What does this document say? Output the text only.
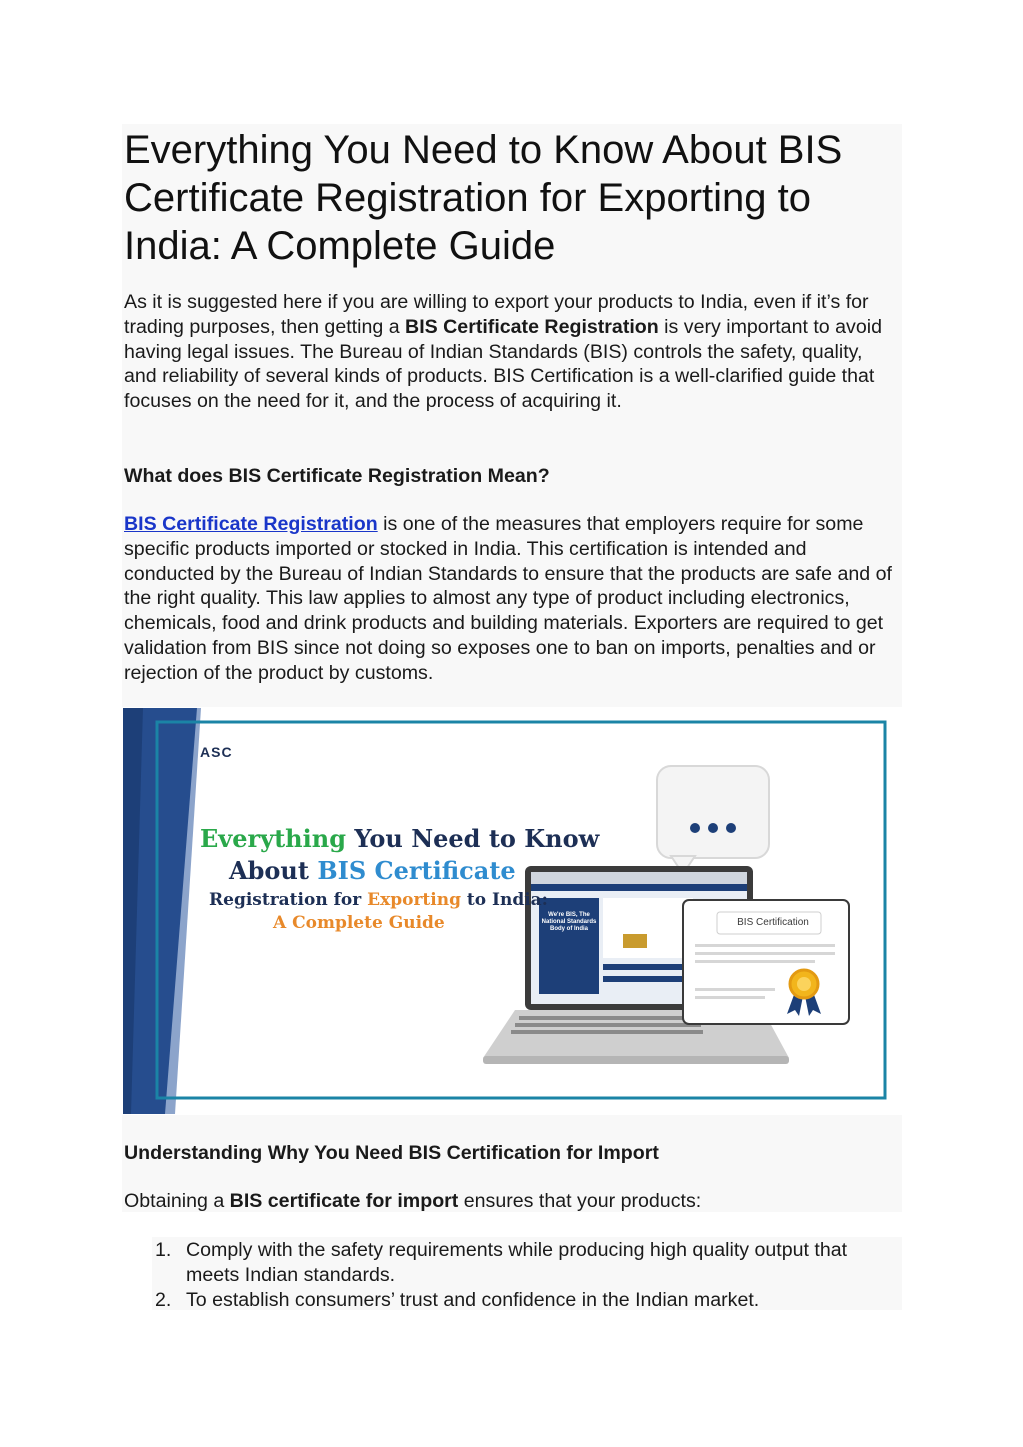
Everything You Need to Know About BIS Certificate Registration for Exporting to India: A Complete Guide

As it is suggested here if you are willing to export your products to India, even if it’s for trading purposes, then getting a BIS Certificate Registration is very important to avoid having legal issues. The Bureau of Indian Standards (BIS) controls the safety, quality, and reliability of several kinds of products. BIS Certification is a well-clarified guide that focuses on the need for it, and the process of acquiring it.

What does BIS Certificate Registration Mean?

BIS Certificate Registration is one of the measures that employers require for some specific products imported or stocked in India. This certification is intended and conducted by the Bureau of Indian Standards to ensure that the products are safe and of the right quality. This law applies to almost any type of product including electronics, chemicals, food and drink products and building materials. Exporters are required to get validation from BIS since not doing so exposes one to ban on imports, penalties and or rejection of the product by customs.

ASC
Everything You Need to Know
About BIS Certificate
Registration for Exporting to India:
A Complete Guide	BIS Certification
We're BIS, The National Standards Body of India
Understanding Why You Need BIS Certification for Import

Obtaining a BIS certificate for import ensures that your products:

1. Comply with the safety requirements while producing high quality output that meets Indian standards.
2. To establish consumers’ trust and confidence in the Indian market.
